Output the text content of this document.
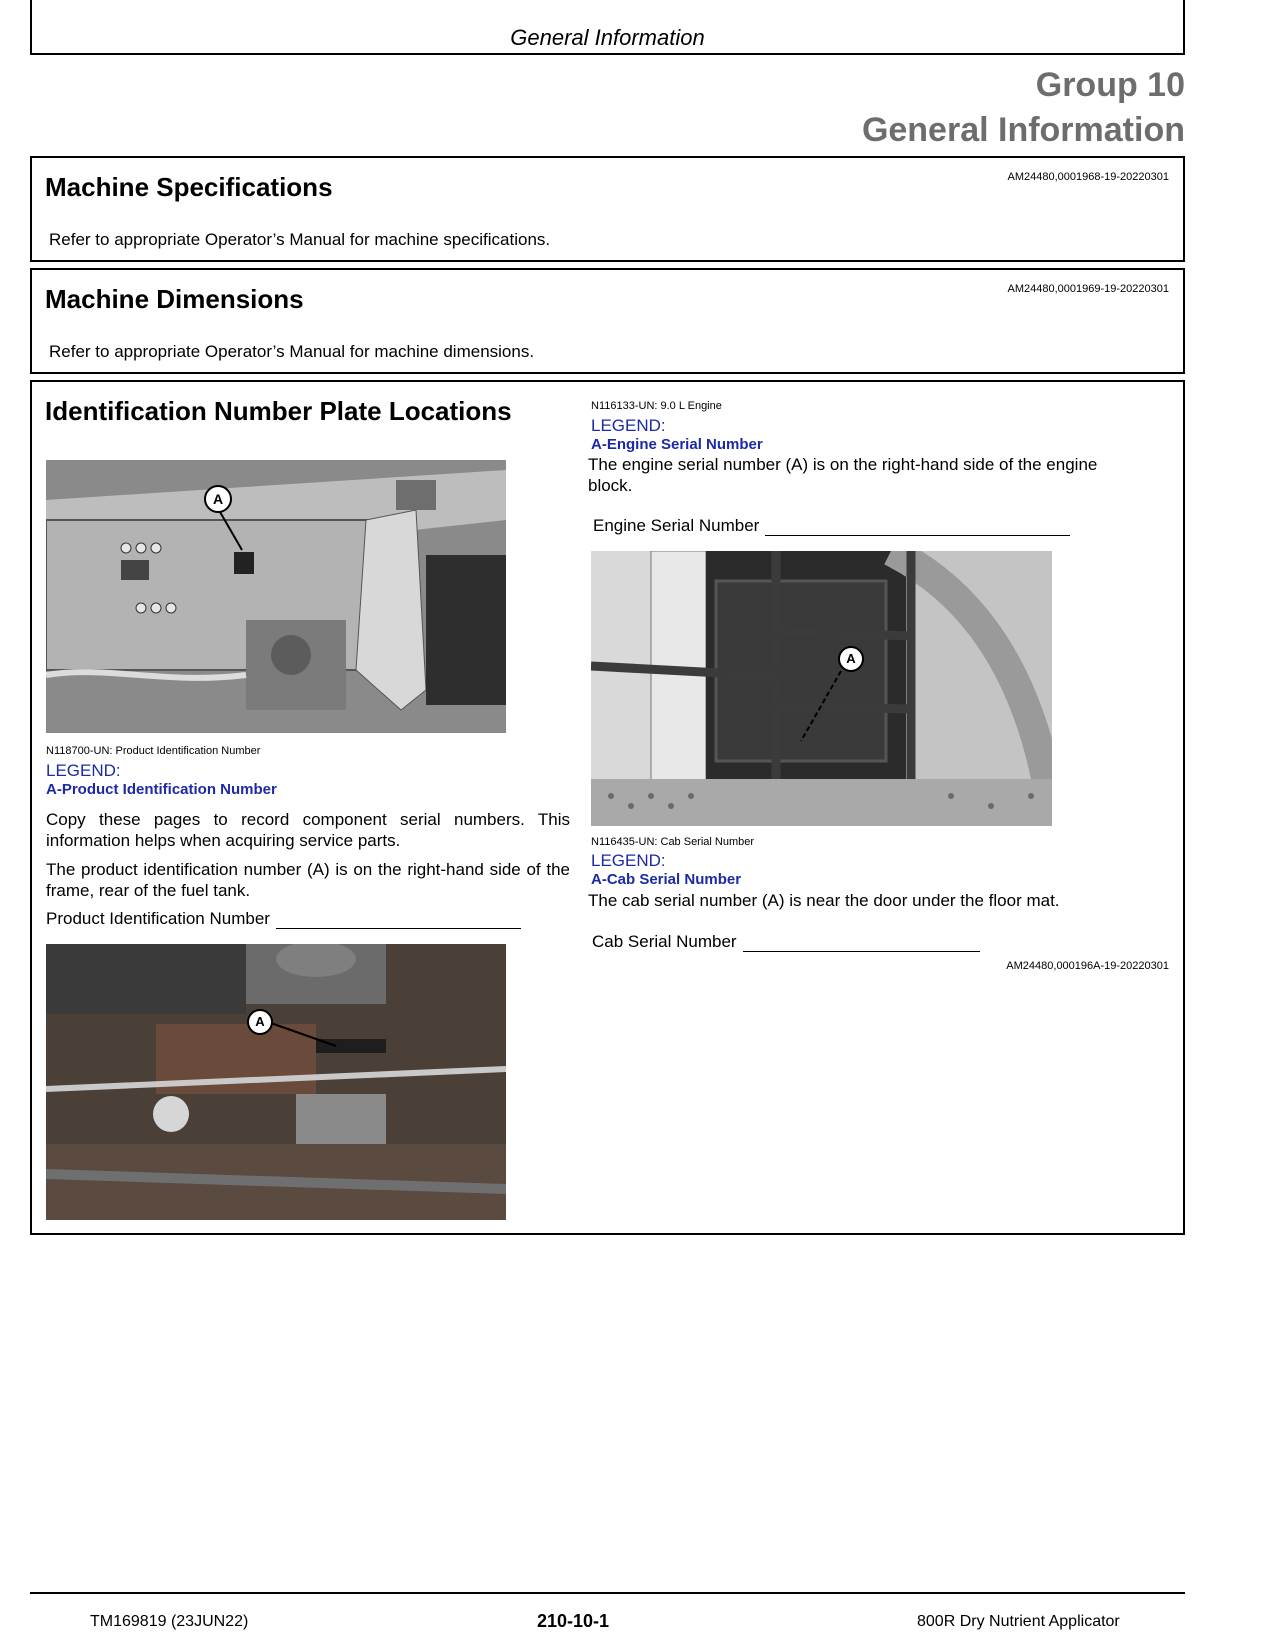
General Information
Group 10
General Information
Machine Specifications	AM24480,0001968-19-20220301
Refer to appropriate Operator’s Manual for machine specifications.
Machine Dimensions	AM24480,0001969-19-20220301
Refer to appropriate Operator’s Manual for machine dimensions.
Identification Number Plate Locations
A
N118700-UN: Product Identification Number
LEGEND:
A-Product Identification Number
Copy these pages to record component serial numbers. This information helps when acquiring service parts.
The product identification number (A) is on the right-hand side of the frame, rear of the fuel tank.
Product Identification Number
A
N116133-UN: 9.0 L Engine
LEGEND:
A-Engine Serial Number
The engine serial number (A) is on the right-hand side of the engine block.
Engine Serial Number
A
N116435-UN: Cab Serial Number
LEGEND:
A-Cab Serial Number
The cab serial number (A) is near the door under the floor mat.
Cab Serial Number
AM24480,000196A-19-20220301
TM169819 (23JUN22)	210-10-1	800R Dry Nutrient Applicator
